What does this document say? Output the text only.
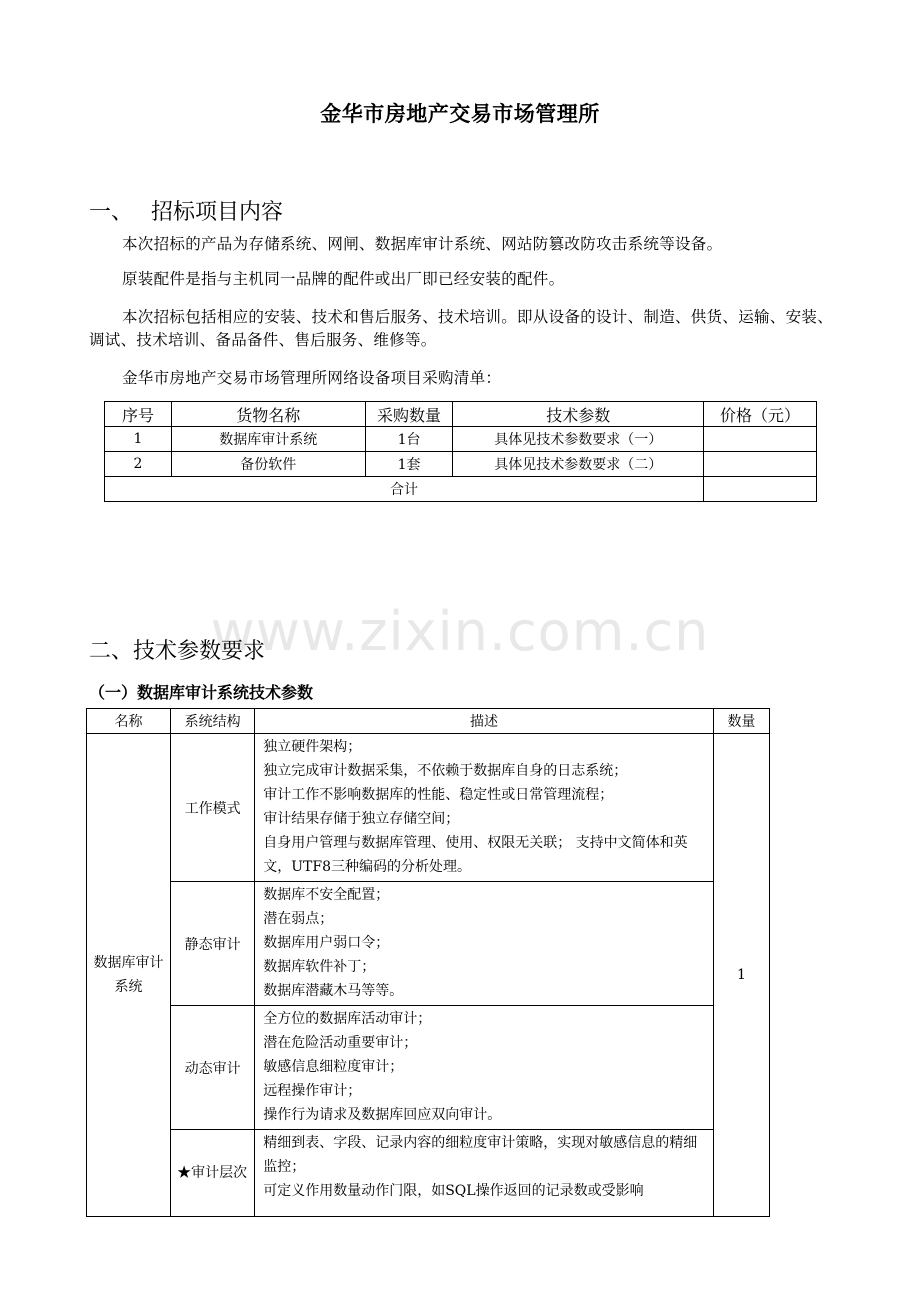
金华市房地产交易市场管理所
一、 招标项目内容
本次招标的产品为存储系统、网闸、数据库审计系统、网站防篡改防攻击系统等设备。
原装配件是指与主机同一品牌的配件或出厂即已经安装的配件。
本次招标包括相应的安装、技术和售后服务、技术培训。即从设备的设计、制造、供货、运输、安装、调试、技术培训、备品备件、售后服务、维修等。
金华市房地产交易市场管理所网络设备项目采购清单：
序号	货物名称	采购数量	技术参数	价格（元）
1	数据库审计系统	1台	具体见技术参数要求（一）	
2	备份软件	1套	具体见技术参数要求（二）	
合计				
www.zixin.com.cn
二、技术参数要求
（一）数据库审计系统技术参数
名称	系统结构	描述	数量
数据库审计系统	工作模式	独立硬件架构；
独立完成审计数据采集，不依赖于数据库自身的日志系统；
审计工作不影响数据库的性能、稳定性或日常管理流程；
审计结果存储于独立存储空间；
自身用户管理与数据库管理、使用、权限无关联； 支持中文简体和英文，UTF8三种编码的分析处理。	1
	静态审计	数据库不安全配置；
潜在弱点；
数据库用户弱口令；
数据库软件补丁；
数据库潜藏木马等等。	

	动态审计	全方位的数据库活动审计；
潜在危险活动重要审计；
敏感信息细粒度审计；
远程操作审计；
操作行为请求及数据库回应双向审计。	

	★审计层次	精细到表、字段、记录内容的细粒度审计策略，实现对敏感信息的精细监控；
可定义作用数量动作门限，如SQL操作返回的记录数或受影响	
